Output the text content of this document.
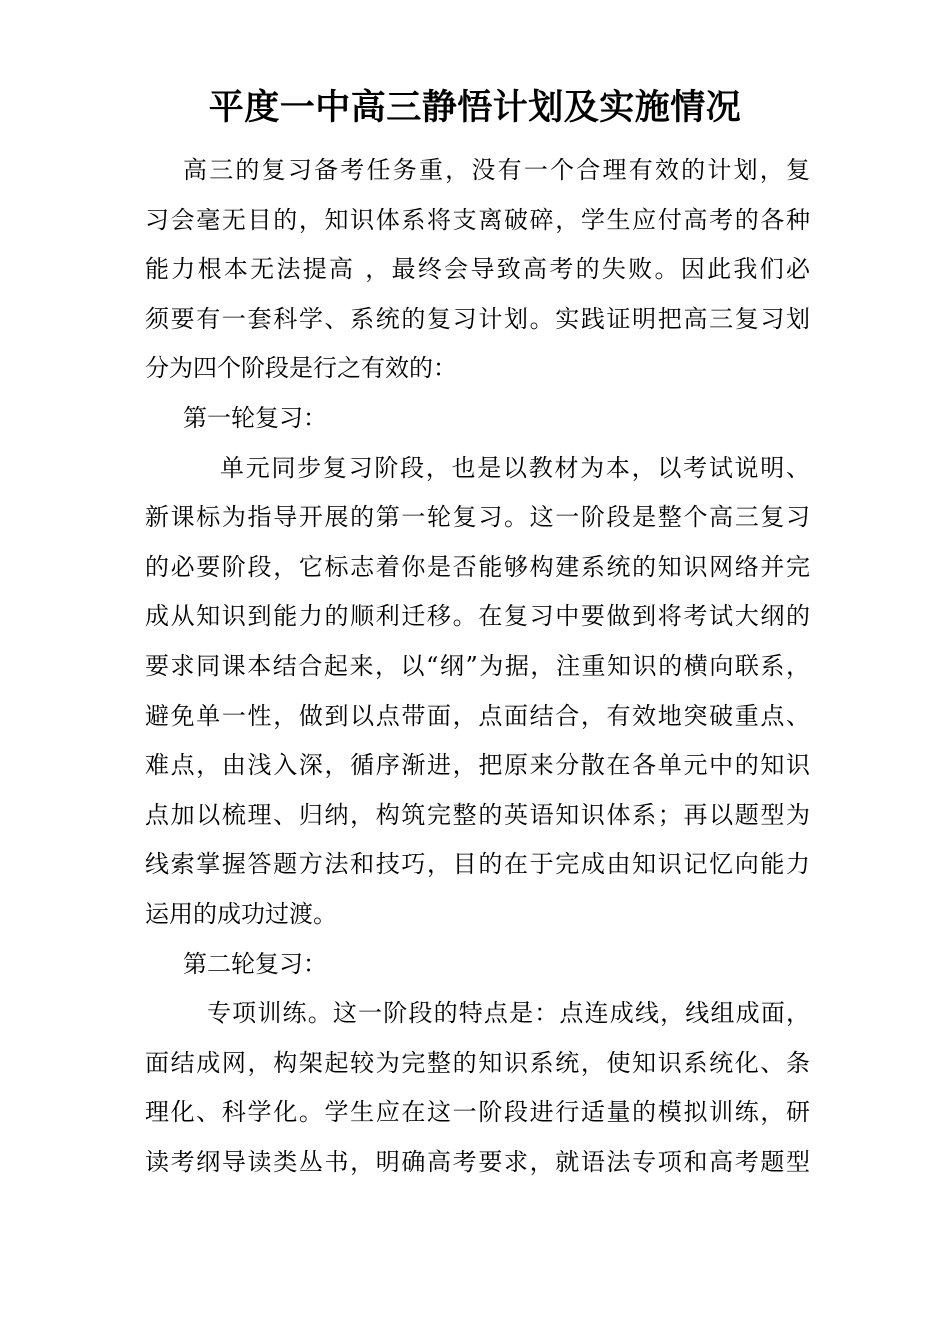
平度一中高三静悟计划及实施情况
高三的复习备考任务重，没有一个合理有效的计划，复
习会毫无目的，知识体系将支离破碎，学生应付高考的各种
能力根本无法提高 ，最终会导致高考的失败。因此我们必
须要有一套科学、系统的复习计划。实践证明把高三复习划
分为四个阶段是行之有效的：
第一轮复习：
单元同步复习阶段，也是以教材为本，以考试说明、
新课标为指导开展的第一轮复习。这一阶段是整个高三复习
的必要阶段，它标志着你是否能够构建系统的知识网络并完
成从知识到能力的顺利迁移。在复习中要做到将考试大纲的
要求同课本结合起来，以“纲”为据，注重知识的横向联系，
避免单一性，做到以点带面，点面结合，有效地突破重点、
难点，由浅入深，循序渐进，把原来分散在各单元中的知识
点加以梳理、归纳，构筑完整的英语知识体系；再以题型为
线索掌握答题方法和技巧，目的在于完成由知识记忆向能力
运用的成功过渡。
第二轮复习：
专项训练。这一阶段的特点是：点连成线，线组成面，
面结成网，构架起较为完整的知识系统，使知识系统化、条
理化、科学化。学生应在这一阶段进行适量的模拟训练，研
读考纲导读类丛书，明确高考要求，就语法专项和高考题型
